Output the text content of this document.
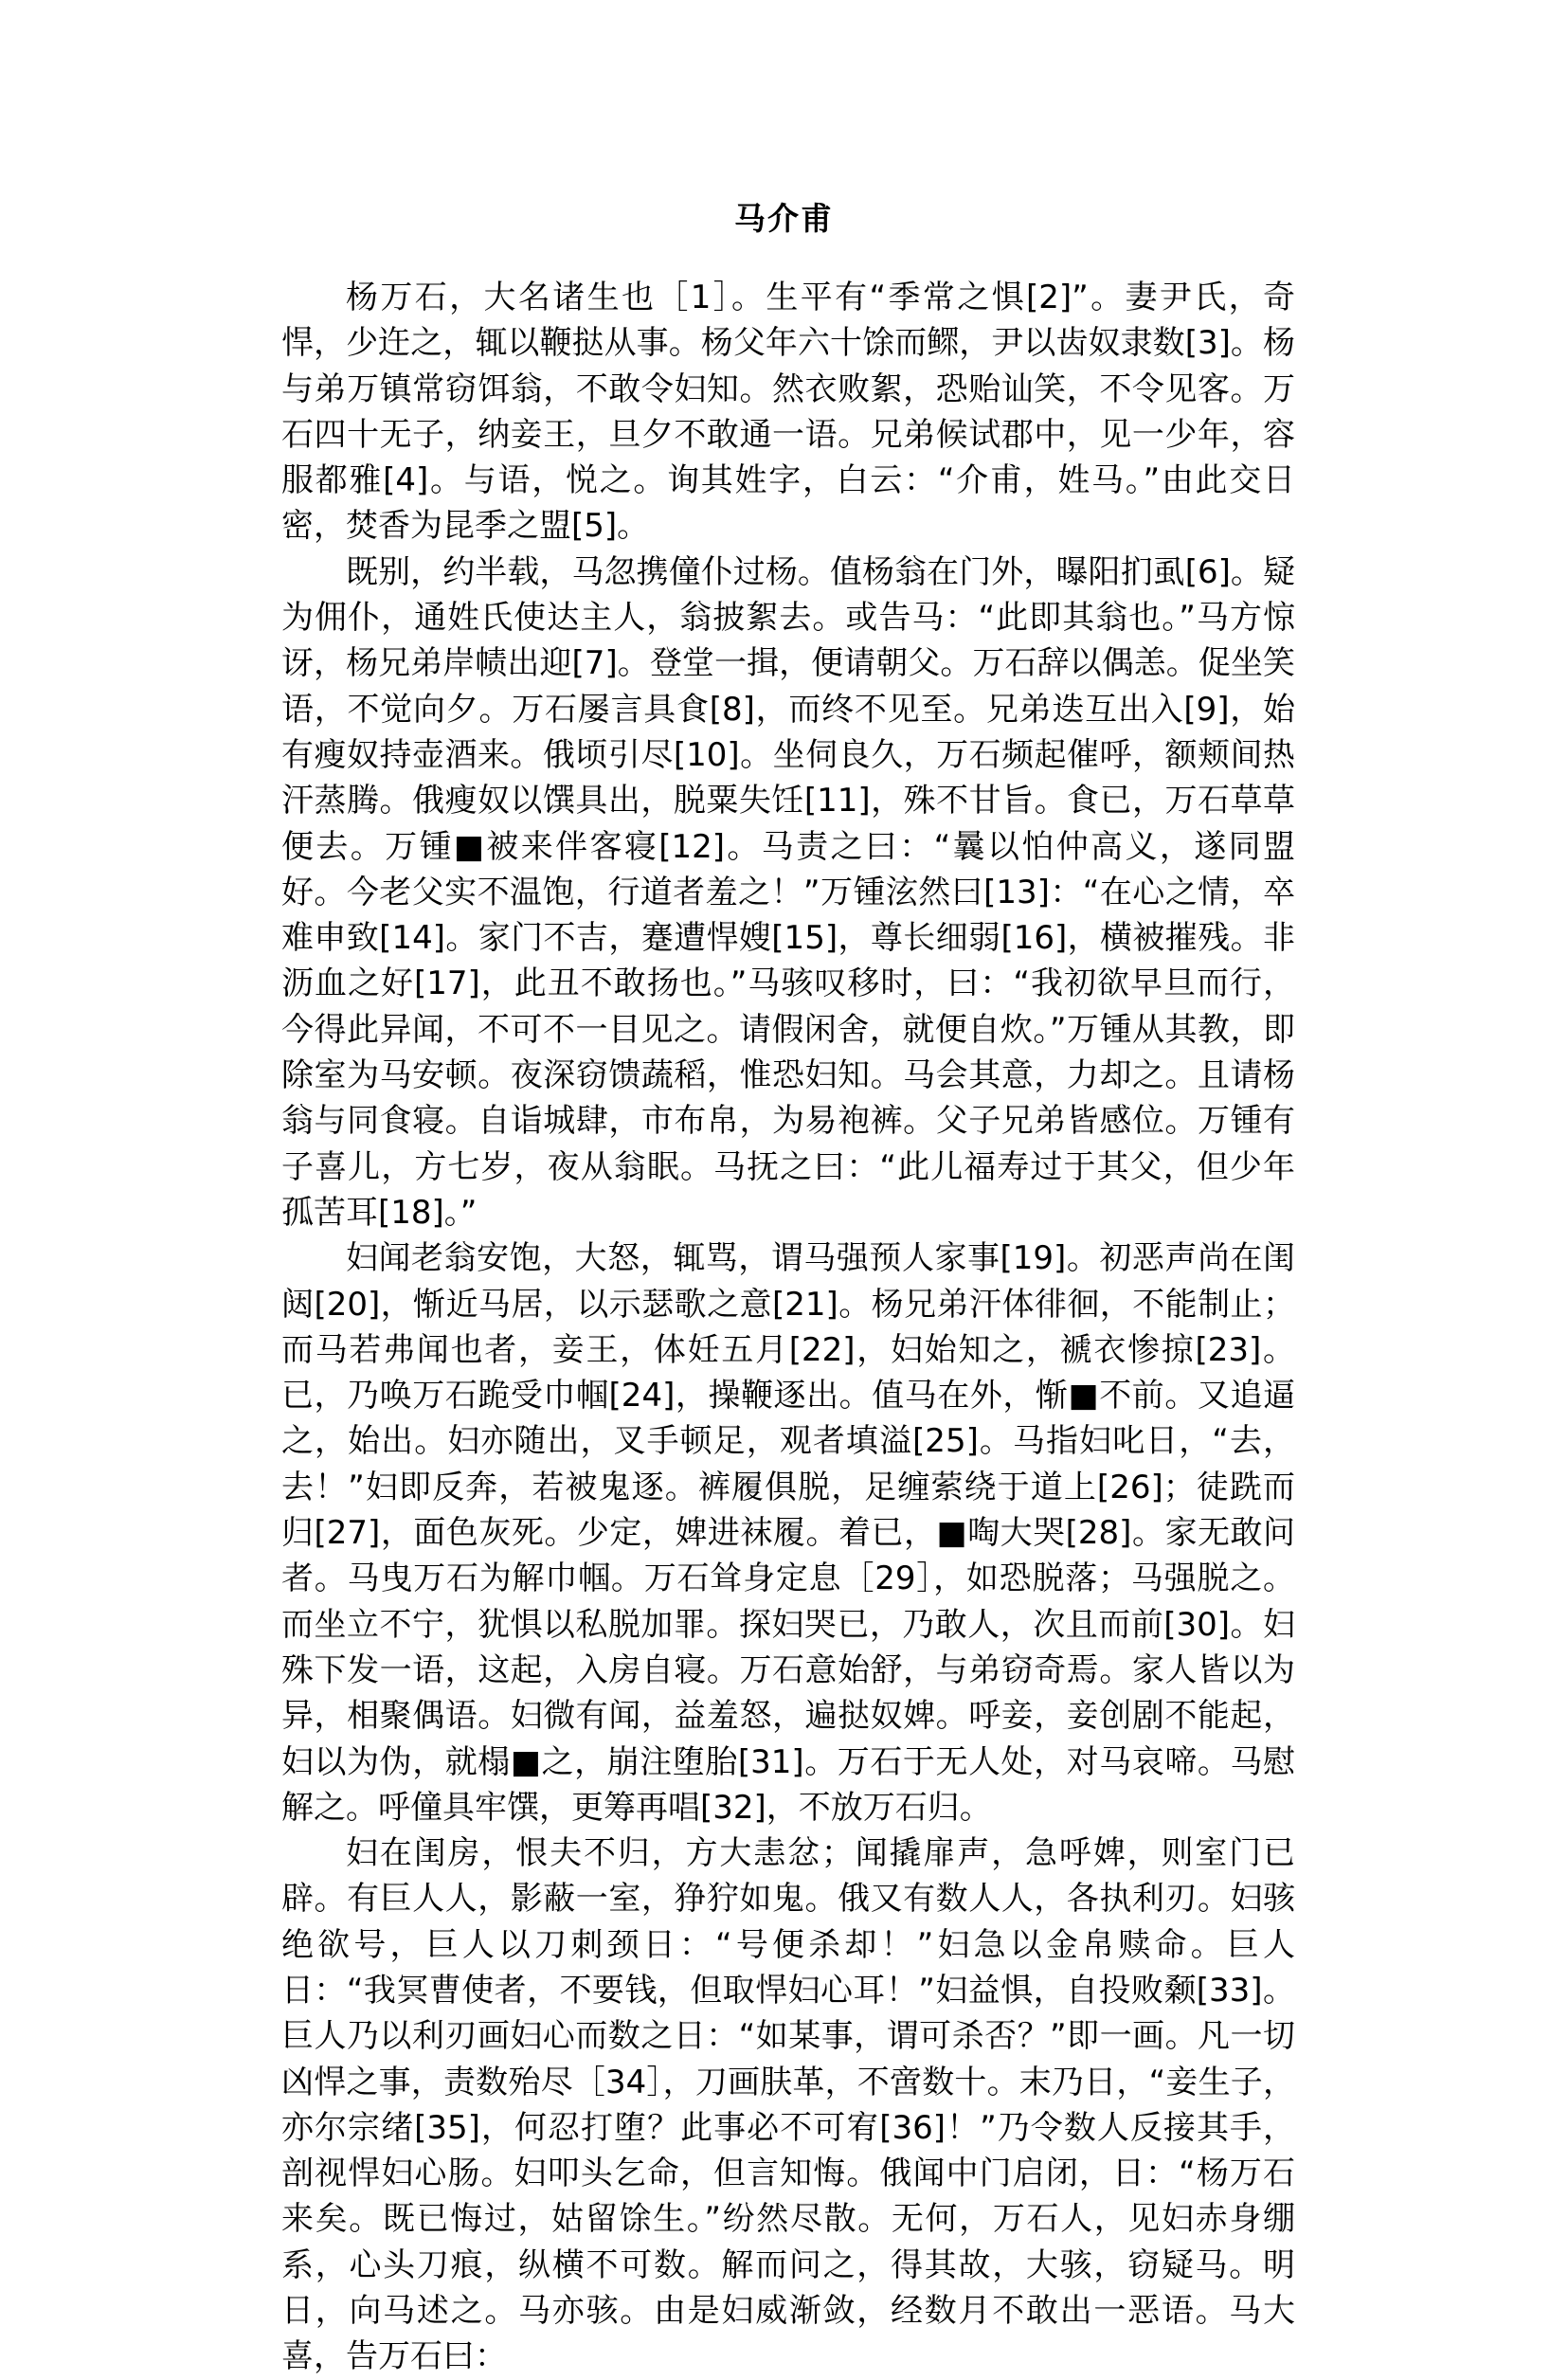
马介甫

杨万石，大名诸生也［1］。生平有“季常之惧[2]”。妻尹氏，奇悍，少迕之，辄以鞭挞从事。杨父年六十馀而鳏，尹以齿奴隶数[3]。杨与弟万镇常窃饵翁，不敢令妇知。然衣败絮，恐贻讪笑，不令见客。万石四十无子，纳妾王，旦夕不敢通一语。兄弟候试郡中，见一少年，容服都雅[4]。与语，悦之。询其姓字，白云：“介甫，姓马。”由此交日密，焚香为昆季之盟[5]。

既别，约半载，马忽携僮仆过杨。值杨翁在门外，曝阳扪虱[6]。疑为佣仆，通姓氏使达主人，翁披絮去。或告马：“此即其翁也。”马方惊讶，杨兄弟岸帻出迎[7]。登堂一揖，便请朝父。万石辞以偶恙。促坐笑语，不觉向夕。万石屡言具食[8]，而终不见至。兄弟迭互出入[9]，始有瘦奴持壶酒来。俄顷引尽[10]。坐伺良久，万石频起催呼，额颊间热汗蒸腾。俄瘦奴以馔具出，脱粟失饪[11]，殊不甘旨。食已，万石草草便去。万锺■被来伴客寝[12]。马责之曰：“曩以怕仲高义，遂同盟好。今老父实不温饱，行道者羞之！”万锺泫然曰[13]：“在心之情，卒难申致[14]。家门不吉，蹇遭悍嫂[15]，尊长细弱[16]，横被摧残。非沥血之好[17]，此丑不敢扬也。”马骇叹移时，曰：“我初欲早旦而行，今得此异闻，不可不一目见之。请假闲舍，就便自炊。”万锺从其教，即除室为马安顿。夜深窃馈蔬稻，惟恐妇知。马会其意，力却之。且请杨翁与同食寝。自诣城肆，市布帛，为易袍裤。父子兄弟皆感位。万锺有子喜儿，方七岁，夜从翁眠。马抚之曰：“此儿福寿过于其父，但少年孤苦耳[18]。”

妇闻老翁安饱，大怒，辄骂，谓马强预人家事[19]。初恶声尚在闺闼[20]，惭近马居，以示瑟歌之意[21]。杨兄弟汗体徘徊，不能制止；而马若弗闻也者，妾王，体妊五月[22]，妇始知之，褫衣惨掠[23]。已，乃唤万石跪受巾帼[24]，操鞭逐出。值马在外，惭■不前。又追逼之，始出。妇亦随出，叉手顿足，观者填溢[25]。马指妇叱日，“去，去！”妇即反奔，若被鬼逐。裤履俱脱，足缠萦绕于道上[26]；徒跣而归[27]，面色灰死。少定，婢进袜履。着已，■啕大哭[28]。家无敢问者。马曳万石为解巾帼。万石耸身定息［29］，如恐脱落；马强脱之。而坐立不宁，犹惧以私脱加罪。探妇哭已，乃敢人，次且而前[30]。妇殊下发一语，这起，入房自寝。万石意始舒，与弟窃奇焉。家人皆以为异，相聚偶语。妇微有闻，益羞怒，遍挞奴婢。呼妾，妾创剧不能起，妇以为伪，就榻■之，崩注堕胎[31]。万石于无人处，对马哀啼。马慰解之。呼僮具牢馔，更筹再唱[32]，不放万石归。

妇在闺房，恨夫不归，方大恚忿；闻撬扉声，急呼婢，则室门已辟。有巨人人，影蔽一室，狰狞如鬼。俄又有数人人，各执利刃。妇骇绝欲号，巨人以刀刺颈日：“号便杀却！”妇急以金帛赎命。巨人日：“我冥曹使者，不要钱，但取悍妇心耳！”妇益惧，自投败颡[33]。巨人乃以利刃画妇心而数之日：“如某事，谓可杀否？”即一画。凡一切凶悍之事，责数殆尽［34］，刀画肤革，不啻数十。末乃日，“妾生子，亦尔宗绪[35]，何忍打堕？此事必不可宥[36]！”乃令数人反接其手，剖视悍妇心肠。妇叩头乞命，但言知悔。俄闻中门启闭，日：“杨万石来矣。既已悔过，姑留馀生。”纷然尽散。无何，万石人，见妇赤身绷系，心头刀痕，纵横不可数。解而问之，得其故，大骇，窃疑马。明日，向马述之。马亦骇。由是妇威渐敛，经数月不敢出一恶语。马大喜，告万石曰：
